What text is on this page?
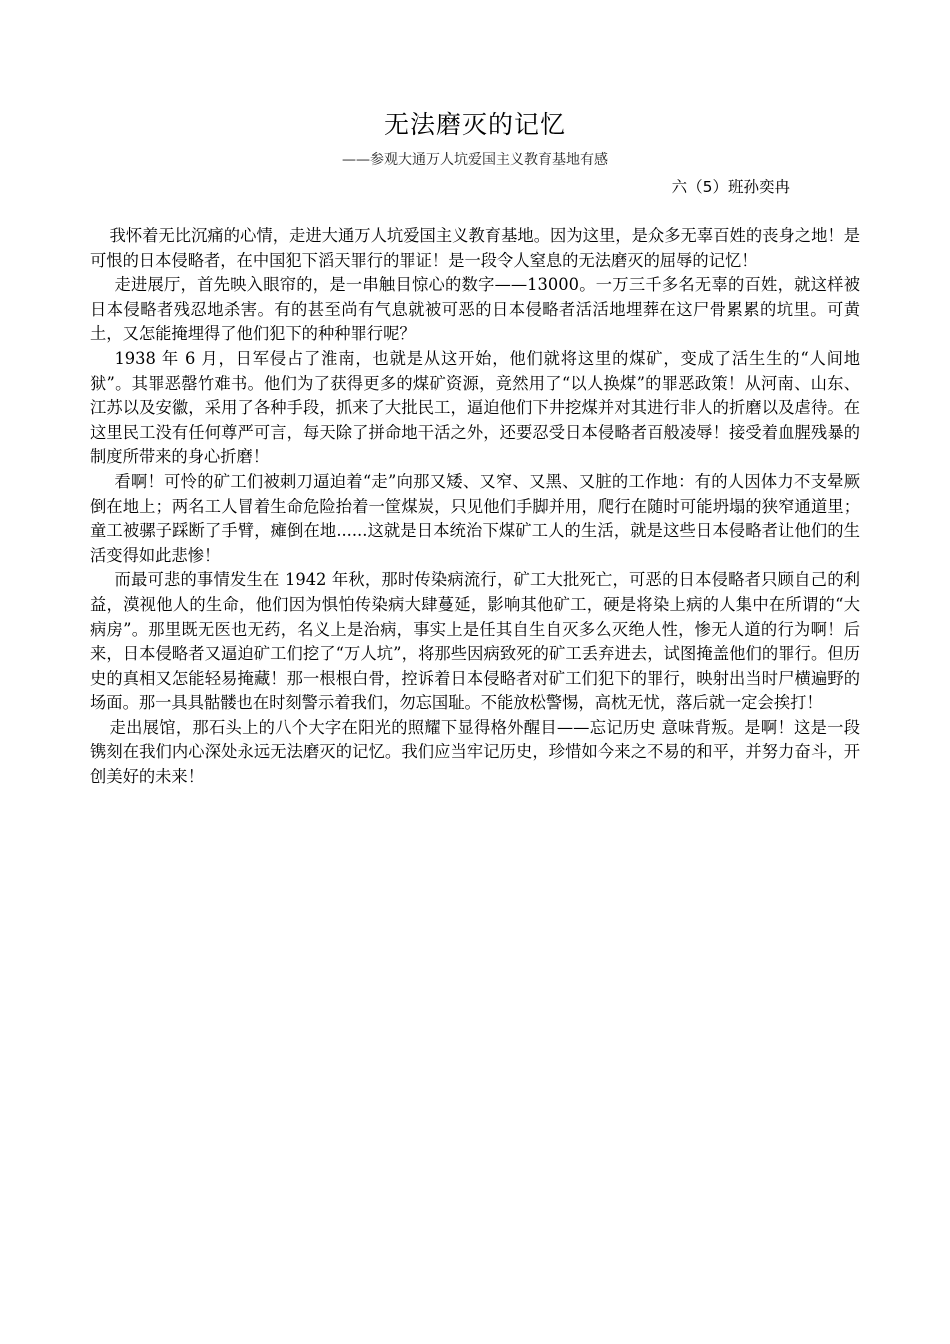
无法磨灭的记忆
——参观大通万人坑爱国主义教育基地有感
六（5）班孙奕冉

我怀着无比沉痛的心情，走进大通万人坑爱国主义教育基地。因为这里，是众多无辜百姓的丧身之地！是可恨的日本侵略者，在中国犯下滔天罪行的罪证！是一段令人窒息的无法磨灭的屈辱的记忆！

走进展厅，首先映入眼帘的，是一串触目惊心的数字——13000。一万三千多名无辜的百姓，就这样被日本侵略者残忍地杀害。有的甚至尚有气息就被可恶的日本侵略者活活地埋葬在这尸骨累累的坑里。可黄土，又怎能掩埋得了他们犯下的种种罪行呢？

1938 年 6 月，日军侵占了淮南，也就是从这开始，他们就将这里的煤矿，变成了活生生的“人间地狱”。其罪恶罄竹难书。他们为了获得更多的煤矿资源，竟然用了“以人换煤”的罪恶政策！从河南、山东、江苏以及安徽，采用了各种手段，抓来了大批民工，逼迫他们下井挖煤并对其进行非人的折磨以及虐待。在这里民工没有任何尊严可言，每天除了拼命地干活之外，还要忍受日本侵略者百般凌辱！接受着血腥残暴的制度所带来的身心折磨！

看啊！可怜的矿工们被刺刀逼迫着“走”向那又矮、又窄、又黑、又脏的工作地：有的人因体力不支晕厥倒在地上；两名工人冒着生命危险抬着一筐煤炭，只见他们手脚并用，爬行在随时可能坍塌的狭窄通道里；童工被骡子踩断了手臂，瘫倒在地......这就是日本统治下煤矿工人的生活，就是这些日本侵略者让他们的生活变得如此悲惨！

而最可悲的事情发生在 1942 年秋，那时传染病流行，矿工大批死亡，可恶的日本侵略者只顾自己的利益，漠视他人的生命，他们因为惧怕传染病大肆蔓延，影响其他矿工，硬是将染上病的人集中在所谓的“大病房”。那里既无医也无药，名义上是治病，事实上是任其自生自灭多么灭绝人性，惨无人道的行为啊！后来，日本侵略者又逼迫矿工们挖了“万人坑”，将那些因病致死的矿工丢弃进去，试图掩盖他们的罪行。但历史的真相又怎能轻易掩藏！那一根根白骨，控诉着日本侵略者对矿工们犯下的罪行，映射出当时尸横遍野的场面。那一具具骷髅也在时刻警示着我们，勿忘国耻。不能放松警惕，高枕无忧，落后就一定会挨打！

走出展馆，那石头上的八个大字在阳光的照耀下显得格外醒目——忘记历史 意味背叛。是啊！这是一段镌刻在我们内心深处永远无法磨灭的记忆。我们应当牢记历史，珍惜如今来之不易的和平，并努力奋斗，开创美好的未来！
